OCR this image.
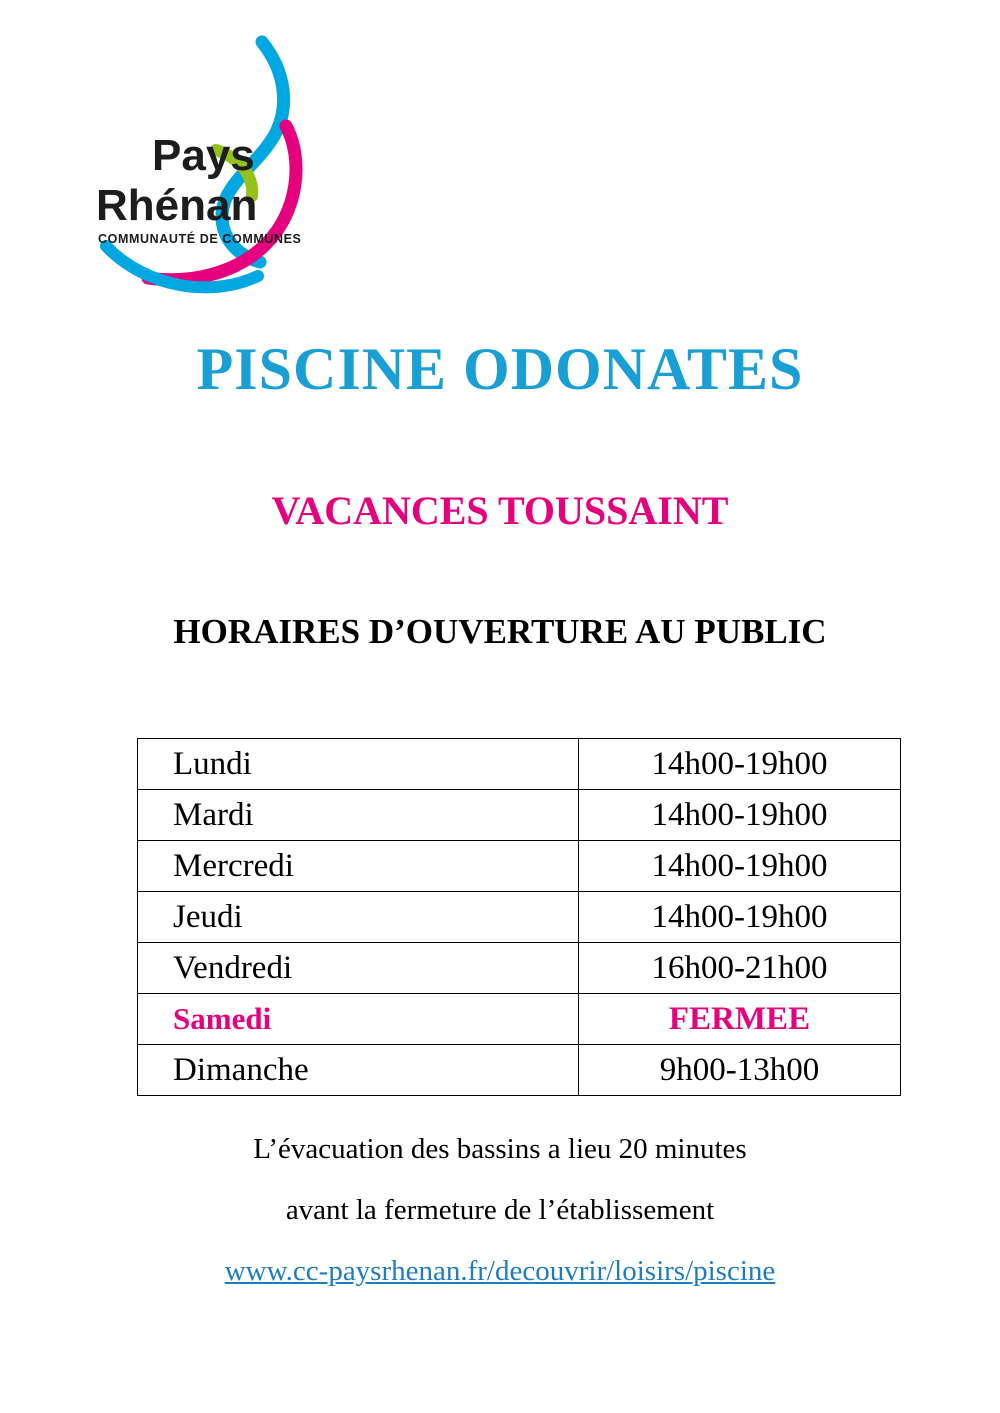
Pays
Rhénan
COMMUNAUTÉ DE COMMUNES
PISCINE ODONATES
VACANCES TOUSSAINT
HORAIRES D’OUVERTURE AU PUBLIC
Lundi	14h00-19h00
Mardi	14h00-19h00
Mercredi	14h00-19h00
Jeudi	14h00-19h00
Vendredi	16h00-21h00
Samedi	FERMEE
Dimanche	9h00-13h00
L’évacuation des bassins a lieu 20 minutes
avant la fermeture de l’établissement
www.cc-paysrhenan.fr/decouvrir/loisirs/piscine
